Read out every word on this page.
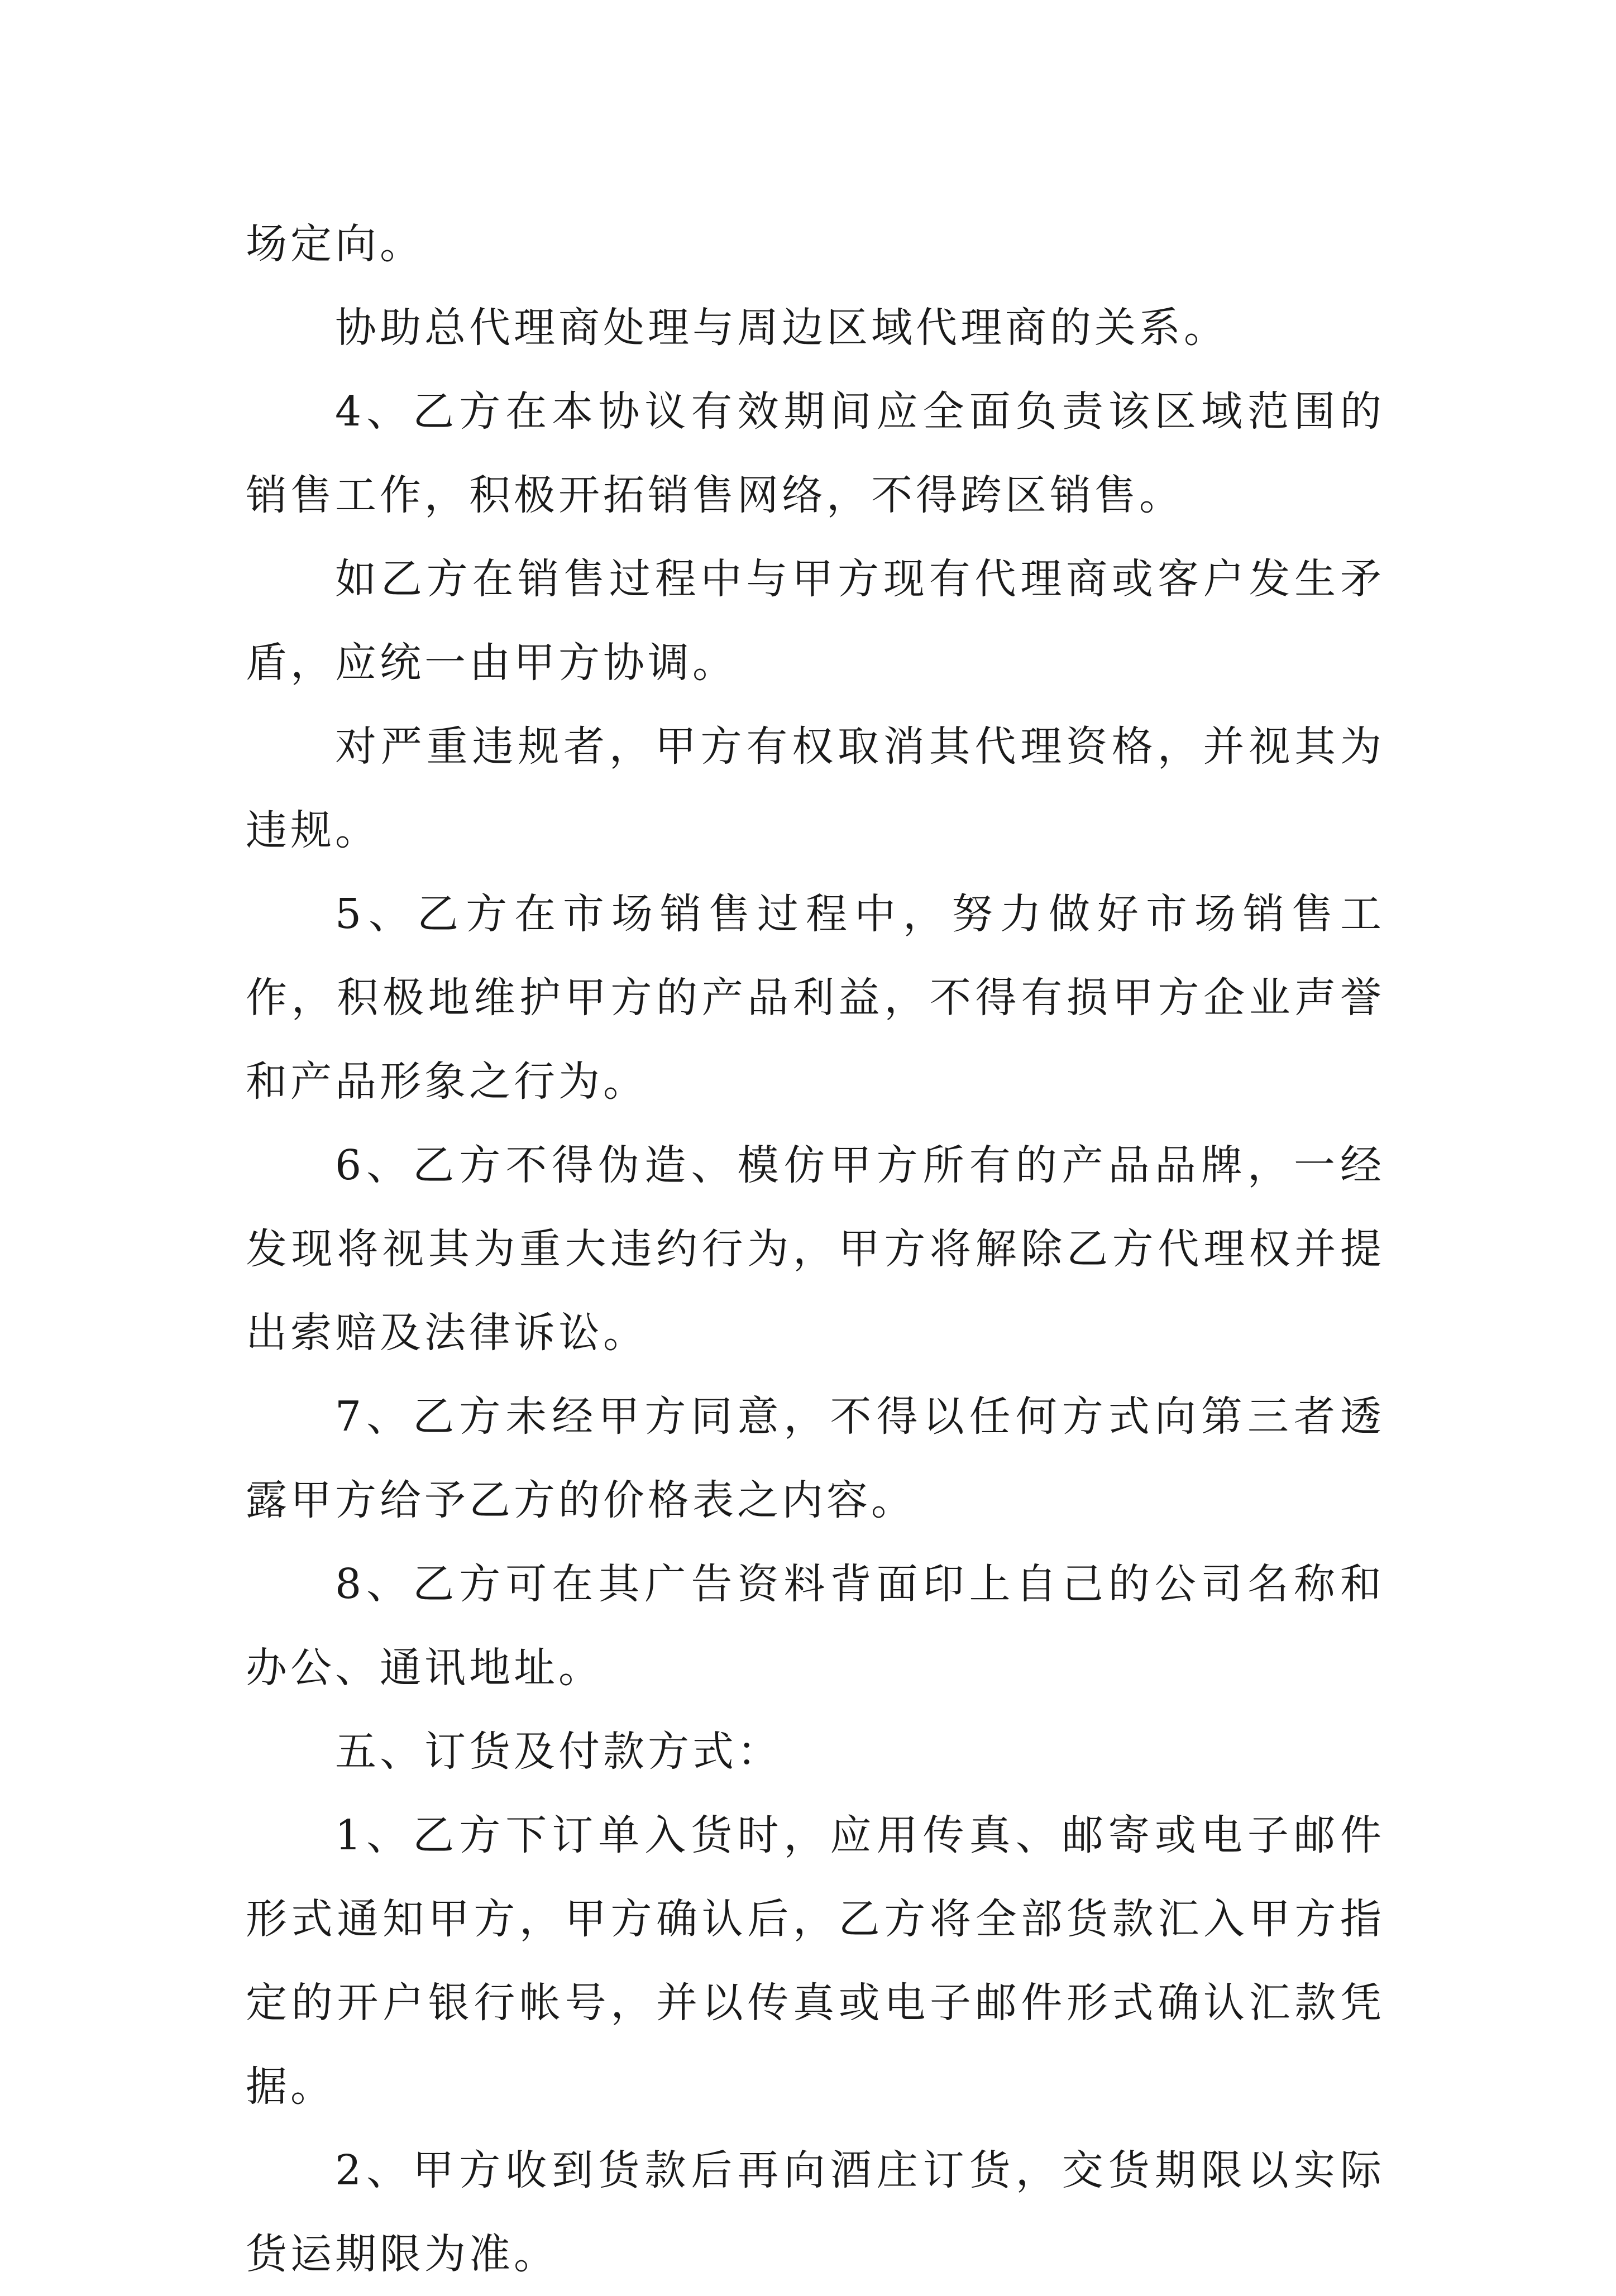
场定向。

协助总代理商处理与周边区域代理商的关系。

4、乙方在本协议有效期间应全面负责该区域范围的销售工作，积极开拓销售网络，不得跨区销售。

如乙方在销售过程中与甲方现有代理商或客户发生矛盾，应统一由甲方协调。

对严重违规者，甲方有权取消其代理资格，并视其为违规。

5、乙方在市场销售过程中，努力做好市场销售工作，积极地维护甲方的产品利益，不得有损甲方企业声誉和产品形象之行为。

6、乙方不得伪造、模仿甲方所有的产品品牌，一经发现将视其为重大违约行为，甲方将解除乙方代理权并提出索赔及法律诉讼。

7、乙方未经甲方同意，不得以任何方式向第三者透露甲方给予乙方的价格表之内容。

8、乙方可在其广告资料背面印上自己的公司名称和办公、通讯地址。

五、订货及付款方式：

1、乙方下订单入货时，应用传真、邮寄或电子邮件形式通知甲方，甲方确认后，乙方将全部货款汇入甲方指定的开户银行帐号，并以传真或电子邮件形式确认汇款凭据。

2、甲方收到货款后再向酒庄订货，交货期限以实际货运期限为准。
